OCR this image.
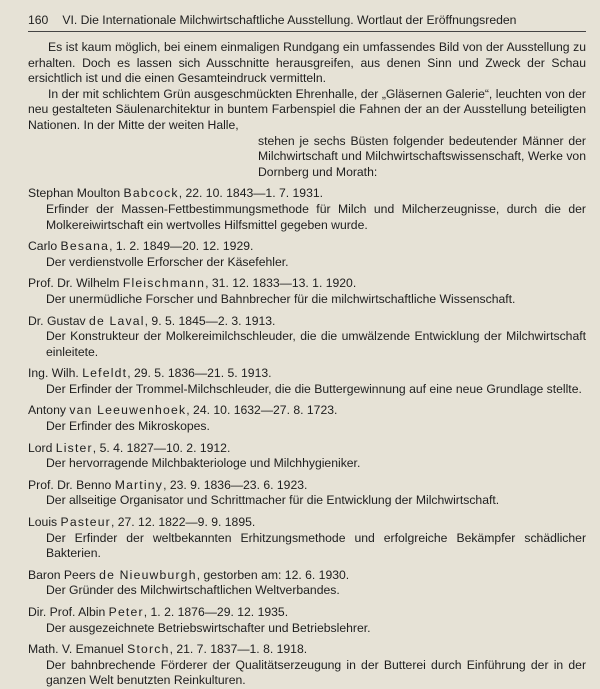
160 VI. Die Internationale Milchwirtschaftliche Ausstellung. Wortlaut der Eröffnungsreden

Es ist kaum möglich, bei einem einmaligen Rundgang ein umfassendes Bild von der Ausstellung zu erhalten. Doch es lassen sich Ausschnitte herausgreifen, aus denen Sinn und Zweck der Schau ersichtlich ist und die einen Gesamteindruck vermitteln.

In der mit schlichtem Grün ausgeschmückten Ehrenhalle, der „Gläsernen Galerie“, leuchten von der neu gestalteten Säulenarchitektur in buntem Farbenspiel die Fahnen der an der Ausstellung beteiligten Nationen. In der Mitte der weiten Halle,

stehen je sechs Büsten folgender bedeutender Männer der Milchwirtschaft und Milchwirtschaftswissenschaft, Werke von Dornberg und Morath:

Stephan Moulton Babcock, 22. 10. 1843—1. 7. 1931.
Erfinder der Massen-Fettbestimmungsmethode für Milch und Milcherzeugnisse, durch die der Molkereiwirtschaft ein wertvolles Hilfsmittel gegeben wurde.
Carlo Besana, 1. 2. 1849—20. 12. 1929.
Der verdienstvolle Erforscher der Käsefehler.
Prof. Dr. Wilhelm Fleischmann, 31. 12. 1833—13. 1. 1920.
Der unermüdliche Forscher und Bahnbrecher für die milchwirtschaftliche Wissenschaft.
Dr. Gustav de Laval, 9. 5. 1845—2. 3. 1913.
Der Konstrukteur der Molkereimilchschleuder, die die umwälzende Entwicklung der Milchwirtschaft einleitete.
Ing. Wilh. Lefeldt, 29. 5. 1836—21. 5. 1913.
Der Erfinder der Trommel-Milchschleuder, die die Buttergewinnung auf eine neue Grundlage stellte.
Antony van Leeuwenhoek, 24. 10. 1632—27. 8. 1723.
Der Erfinder des Mikroskopes.
Lord Lister, 5. 4. 1827—10. 2. 1912.
Der hervorragende Milchbakteriologe und Milchhygieniker.
Prof. Dr. Benno Martiny, 23. 9. 1836—23. 6. 1923.
Der allseitige Organisator und Schrittmacher für die Entwicklung der Milchwirtschaft.
Louis Pasteur, 27. 12. 1822—9. 9. 1895.
Der Erfinder der weltbekannten Erhitzungsmethode und erfolgreiche Bekämpfer schädlicher Bakterien.
Baron Peers de Nieuwburgh, gestorben am: 12. 6. 1930.
Der Gründer des Milchwirtschaftlichen Weltverbandes.
Dir. Prof. Albin Peter, 1. 2. 1876—29. 12. 1935.
Der ausgezeichnete Betriebswirtschafter und Betriebslehrer.
Math. V. Emanuel Storch, 21. 7. 1837—1. 8. 1918.
Der bahnbrechende Förderer der Qualitätserzeugung in der Butterei durch Einführung der in der ganzen Welt benutzten Reinkulturen.
